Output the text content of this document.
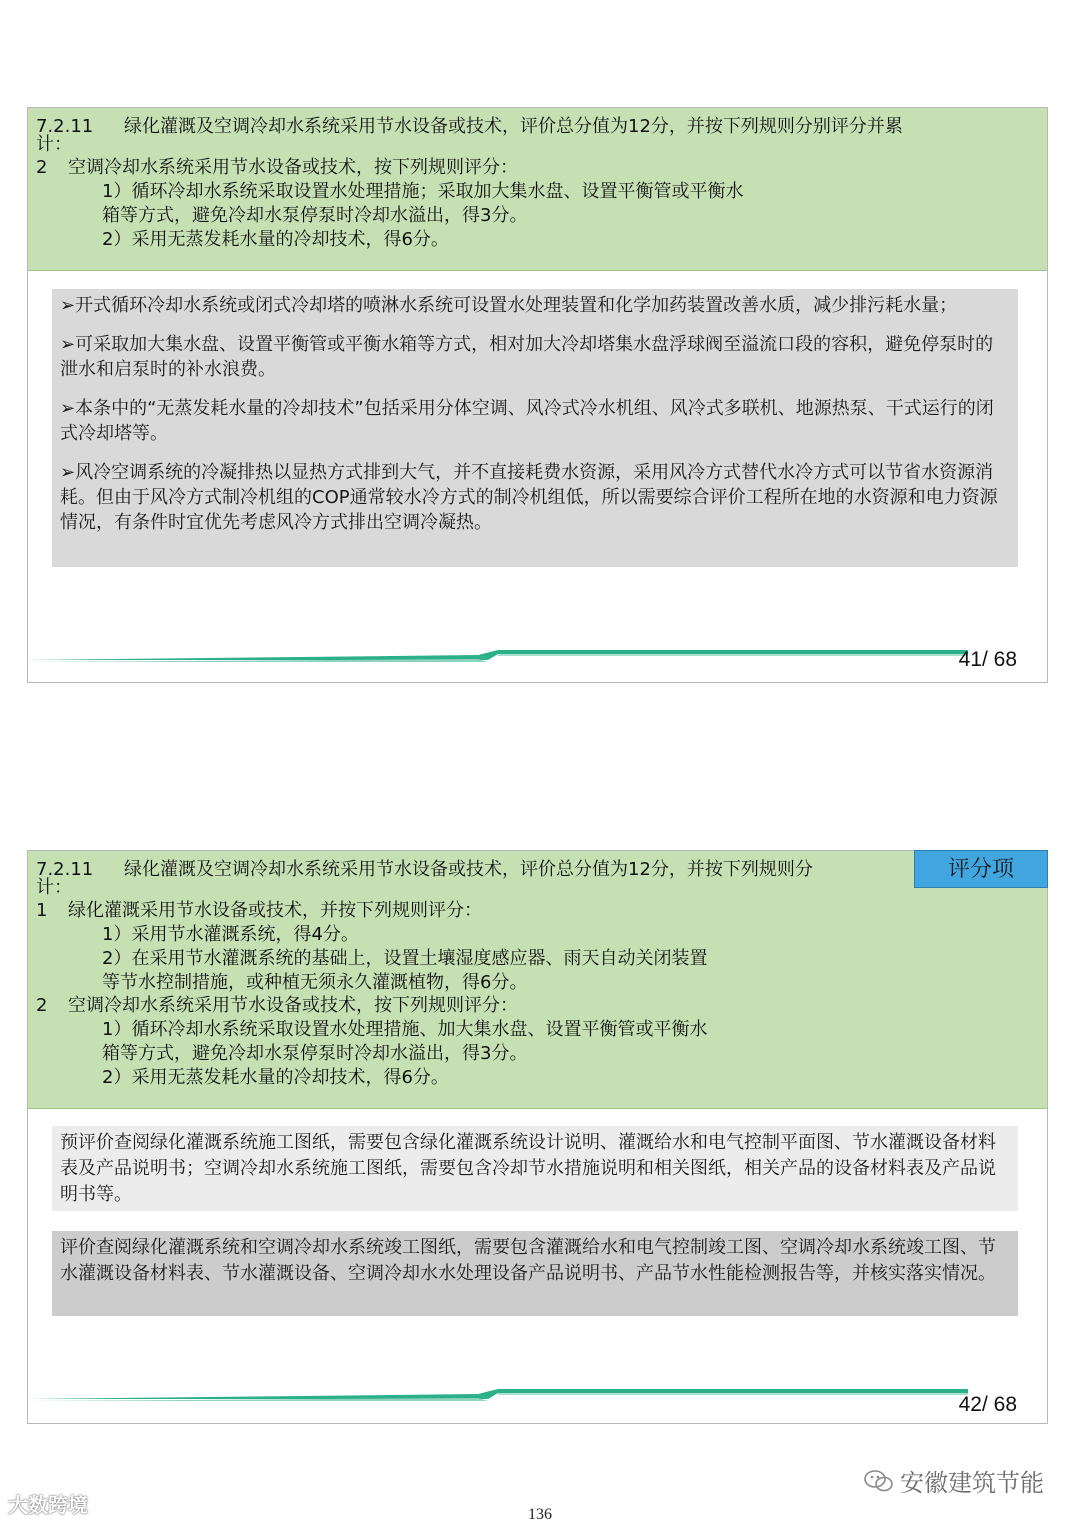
7.2.11 绿化灌溉及空调冷却水系统采用节水设备或技术，评价总分值为12分，并按下列规则分别评分并累
计：
2 空调冷却水系统采用节水设备或技术，按下列规则评分：
1）循环冷却水系统采取设置水处理措施；采取加大集水盘、设置平衡管或平衡水
箱等方式，避免冷却水泵停泵时冷却水溢出，得3分。
2）采用无蒸发耗水量的冷却技术，得6分。

➢开式循环冷却水系统或闭式冷却塔的喷淋水系统可设置水处理装置和化学加药装置改善水质，减少排污耗水量；

➢可采取加大集水盘、设置平衡管或平衡水箱等方式，相对加大冷却塔集水盘浮球阀至溢流口段的容积，避免停泵时的泄水和启泵时的补水浪费。

➢本条中的“无蒸发耗水量的冷却技术”包括采用分体空调、风冷式冷水机组、风冷式多联机、地源热泵、干式运行的闭式冷却塔等。

➢风冷空调系统的冷凝排热以显热方式排到大气，并不直接耗费水资源，采用风冷方式替代水冷方式可以节省水资源消耗。但由于风冷方式制冷机组的COP通常较水冷方式的制冷机组低，所以需要综合评价工程所在地的水资源和电力资源情况，有条件时宜优先考虑风冷方式排出空调冷凝热。

41/ 68
7.2.11 绿化灌溉及空调冷却水系统采用节水设备或技术，评价总分值为12分，并按下列规则分
计：
1 绿化灌溉采用节水设备或技术，并按下列规则评分：
1）采用节水灌溉系统，得4分。
2）在采用节水灌溉系统的基础上，设置土壤湿度感应器、雨天自动关闭装置
等节水控制措施，或种植无须永久灌溉植物，得6分。
2 空调冷却水系统采用节水设备或技术，按下列规则评分：
1）循环冷却水系统采取设置水处理措施、加大集水盘、设置平衡管或平衡水
箱等方式，避免冷却水泵停泵时冷却水溢出，得3分。
2）采用无蒸发耗水量的冷却技术，得6分。
评分项
预评价查阅绿化灌溉系统施工图纸，需要包含绿化灌溉系统设计说明、灌溉给水和电气控制平面图、节水灌溉设备材料表及产品说明书；空调冷却水系统施工图纸，需要包含冷却节水措施说明和相关图纸，相关产品的设备材料表及产品说明书等。
评价查阅绿化灌溉系统和空调冷却水系统竣工图纸，需要包含灌溉给水和电气控制竣工图、空调冷却水系统竣工图、节水灌溉设备材料表、节水灌溉设备、空调冷却水水处理设备产品说明书、产品节水性能检测报告等，并核实落实情况。
42/ 68
大数跨境
安徽建筑节能
136
